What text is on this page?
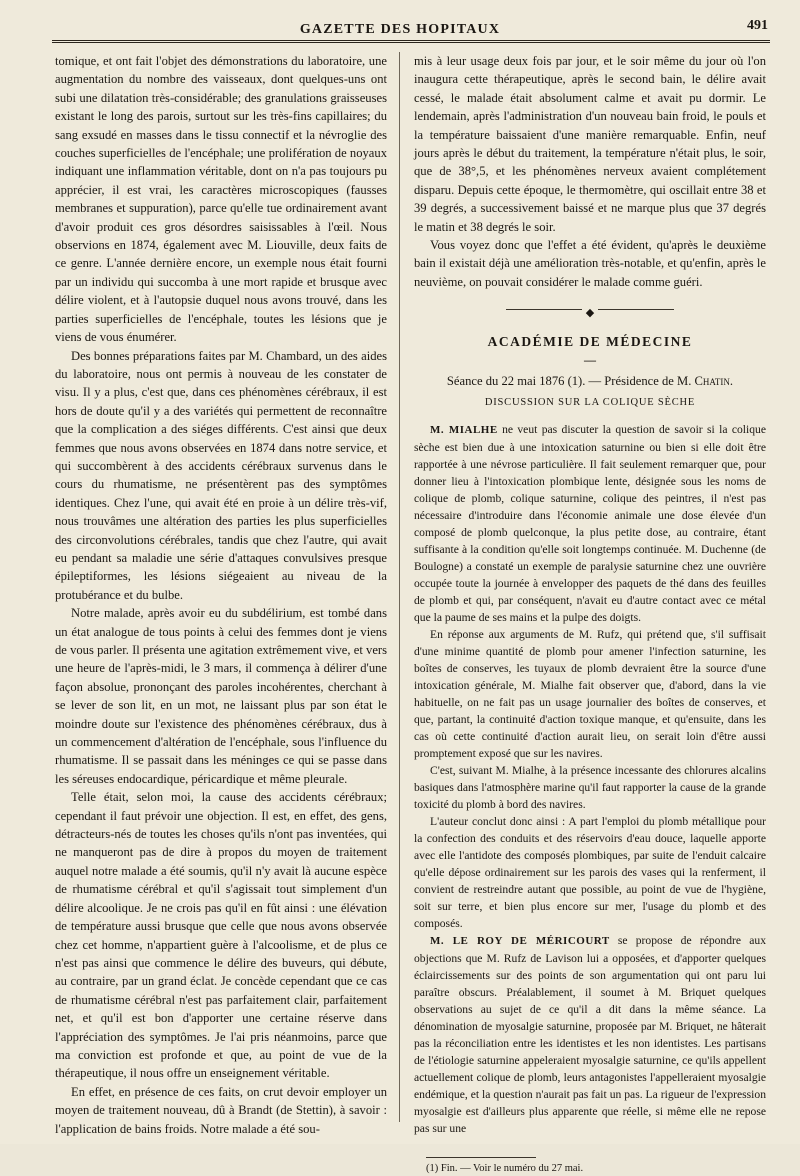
GAZETTE DES HOPITAUX	491

tomique, et ont fait l'objet des démonstrations du laboratoire, une augmentation du nombre des vaisseaux, dont quelques-uns ont subi une dilatation très-considérable; des granulations graisseuses existant le long des parois, surtout sur les très-fins capillaires; du sang exsudé en masses dans le tissu connectif et la névroglie des couches superficielles de l'encéphale; une prolifération de noyaux indiquant une inflammation véritable, dont on n'a pas toujours pu apprécier, il est vrai, les caractères microscopiques (fausses membranes et suppuration), parce qu'elle tue ordinairement avant d'avoir produit ces gros désordres saisissables à l'œil. Nous observions en 1874, également avec M. Liouville, deux faits de ce genre. L'année dernière encore, un exemple nous était fourni par un individu qui succomba à une mort rapide et brusque avec délire violent, et à l'autopsie duquel nous avons trouvé, dans les parties superficielles de l'encéphale, toutes les lésions que je viens de vous énumérer.

Des bonnes préparations faites par M. Chambard, un des aides du laboratoire, nous ont permis à nouveau de les constater de visu. Il y a plus, c'est que, dans ces phénomènes cérébraux, il est hors de doute qu'il y a des variétés qui permettent de reconnaître que la complication a des siéges différents. C'est ainsi que deux femmes que nous avons observées en 1874 dans notre service, et qui succombèrent à des accidents cérébraux survenus dans le cours du rhumatisme, ne présentèrent pas des symptômes identiques. Chez l'une, qui avait été en proie à un délire très-vif, nous trouvâmes une altération des parties les plus superficielles des circonvolutions cérébrales, tandis que chez l'autre, qui avait eu pendant sa maladie une série d'attaques convulsives presque épileptiformes, les lésions siégeaient au niveau de la protubérance et du bulbe.

Notre malade, après avoir eu du subdélirium, est tombé dans un état analogue de tous points à celui des femmes dont je viens de vous parler. Il présenta une agitation extrêmement vive, et vers une heure de l'après-midi, le 3 mars, il commença à délirer d'une façon absolue, prononçant des paroles incohérentes, cherchant à se lever de son lit, en un mot, ne laissant plus par son état le moindre doute sur l'existence des phénomènes cérébraux, dus à un commencement d'altération de l'encéphale, sous l'influence du rhumatisme. Il se passait dans les méninges ce qui se passe dans les séreuses endocardique, péricardique et même pleurale.

Telle était, selon moi, la cause des accidents cérébraux; cependant il faut prévoir une objection. Il est, en effet, des gens, détracteurs-nés de toutes les choses qu'ils n'ont pas inventées, qui ne manqueront pas de dire à propos du moyen de traitement auquel notre malade a été soumis, qu'il n'y avait là aucune espèce de rhumatisme cérébral et qu'il s'agissait tout simplement d'un délire alcoolique. Je ne crois pas qu'il en fût ainsi : une élévation de température aussi brusque que celle que nous avons observée chez cet homme, n'appartient guère à l'alcoolisme, et de plus ce n'est pas ainsi que commence le délire des buveurs, qui débute, au contraire, par un grand éclat. Je concède cependant que ce cas de rhumatisme cérébral n'est pas parfaitement clair, parfaitement net, et qu'il est bon d'apporter une certaine réserve dans l'appréciation des symptômes. Je l'ai pris néanmoins, parce que ma conviction est profonde et que, au point de vue de la thérapeutique, il nous offre un enseignement véritable.

En effet, en présence de ces faits, on crut devoir employer un moyen de traitement nouveau, dû à Brandt (de Stettin), à savoir : l'application de bains froids. Notre malade a été sou-

mis à leur usage deux fois par jour, et le soir même du jour où l'on inaugura cette thérapeutique, après le second bain, le délire avait cessé, le malade était absolument calme et avait pu dormir. Le lendemain, après l'administration d'un nouveau bain froid, le pouls et la température baissaient d'une manière remarquable. Enfin, neuf jours après le début du traitement, la température n'était plus, le soir, que de 38°,5, et les phénomènes nerveux avaient complétement disparu. Depuis cette époque, le thermomètre, qui oscillait entre 38 et 39 degrés, a successivement baissé et ne marque plus que 37 degrés le matin et 38 degrés le soir.

Vous voyez donc que l'effet a été évident, qu'après le deuxième bain il existait déjà une amélioration très-notable, et qu'enfin, après le neuvième, on pouvait considérer le malade comme guéri.

◆
ACADÉMIE DE MÉDECINE
—
Séance du 22 mai 1876 (1). — Présidence de M. Chatin.
DISCUSSION SUR LA COLIQUE SÈCHE

M. MIALHE ne veut pas discuter la question de savoir si la colique sèche est bien due à une intoxication saturnine ou bien si elle doit être rapportée à une névrose particulière. Il fait seulement remarquer que, pour donner lieu à l'intoxication plombique lente, désignée sous les noms de colique de plomb, colique saturnine, colique des peintres, il n'est pas nécessaire d'introduire dans l'économie animale une dose élevée d'un composé de plomb quelconque, la plus petite dose, au contraire, étant suffisante à la condition qu'elle soit longtemps continuée. M. Duchenne (de Boulogne) a constaté un exemple de paralysie saturnine chez une ouvrière occupée toute la journée à envelopper des paquets de thé dans des feuilles de plomb et qui, par conséquent, n'avait eu d'autre contact avec ce métal que la paume de ses mains et la pulpe des doigts.

En réponse aux arguments de M. Rufz, qui prétend que, s'il suffisait d'une minime quantité de plomb pour amener l'infection saturnine, les boîtes de conserves, les tuyaux de plomb devraient être la source d'une intoxication générale, M. Mialhe fait observer que, d'abord, dans la vie habituelle, on ne fait pas un usage journalier des boîtes de conserves, et que, partant, la continuité d'action toxique manque, et qu'ensuite, dans les cas où cette continuité d'action aurait lieu, on serait loin d'être aussi promptement exposé que sur les navires.

C'est, suivant M. Mialhe, à la présence incessante des chlorures alcalins basiques dans l'atmosphère marine qu'il faut rapporter la cause de la grande toxicité du plomb à bord des navires.

L'auteur conclut donc ainsi : A part l'emploi du plomb métallique pour la confection des conduits et des réservoirs d'eau douce, laquelle apporte avec elle l'antidote des composés plombiques, par suite de l'enduit calcaire qu'elle dépose ordinairement sur les parois des vases qui la renferment, il convient de restreindre autant que possible, au point de vue de l'hygiène, soit sur terre, et bien plus encore sur mer, l'usage du plomb et des composés.

M. LE ROY DE MÉRICOURT se propose de répondre aux objections que M. Rufz de Lavison lui a opposées, et d'apporter quelques éclaircissements sur des points de son argumentation qui ont paru lui paraître obscurs. Préalablement, il soumet à M. Briquet quelques observations au sujet de ce qu'il a dit dans la même séance. La dénomination de myosalgie saturnine, proposée par M. Briquet, ne hâterait pas la réconciliation entre les identistes et les non identistes. Les partisans de l'étiologie saturnine appeleraient myosalgie saturnine, ce qu'ils appellent actuellement colique de plomb, leurs antagonistes l'appelleraient myosalgie endémique, et la question n'aurait pas fait un pas. La rigueur de l'expression myosalgie est d'ailleurs plus apparente que réelle, si même elle ne repose pas sur une

(1) Fin. — Voir le numéro du 27 mai.
